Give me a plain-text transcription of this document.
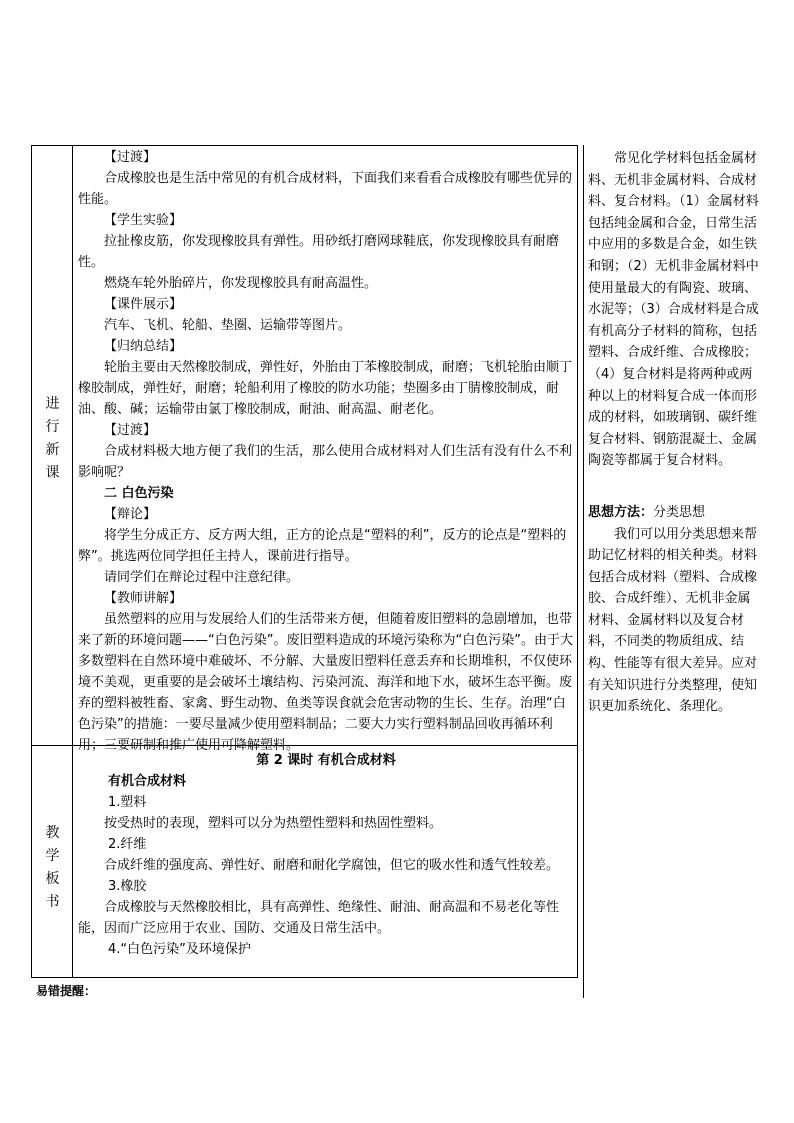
进
行
新
课
教
学
板
书

【过渡】

合成橡胶也是生活中常见的有机合成材料，下面我们来看看合成橡胶有哪些优异的性能。

【学生实验】

拉扯橡皮筋，你发现橡胶具有弹性。用砂纸打磨网球鞋底，你发现橡胶具有耐磨性。

燃烧车轮外胎碎片，你发现橡胶具有耐高温性。

【课件展示】

汽车、飞机、轮船、垫圈、运输带等图片。

【归纳总结】

轮胎主要由天然橡胶制成，弹性好，外胎由丁苯橡胶制成，耐磨；飞机轮胎由顺丁橡胶制成，弹性好，耐磨；轮船利用了橡胶的防水功能；垫圈多由丁腈橡胶制成，耐油、酸、碱；运输带由氯丁橡胶制成，耐油、耐高温、耐老化。

【过渡】

合成材料极大地方便了我们的生活，那么使用合成材料对人们生活有没有什么不利影响呢？

二 白色污染

【辩论】

将学生分成正方、反方两大组，正方的论点是“塑料的利”，反方的论点是“塑料的弊”。挑选两位同学担任主持人，课前进行指导。

请同学们在辩论过程中注意纪律。

【教师讲解】

虽然塑料的应用与发展给人们的生活带来方便，但随着废旧塑料的急剧增加，也带来了新的环境问题——“白色污染”。废旧塑料造成的环境污染称为“白色污染”。由于大多数塑料在自然环境中难破坏、不分解、大量废旧塑料任意丢弃和长期堆积，不仅使环境不美观，更重要的是会破坏土壤结构、污染河流、海洋和地下水，破坏生态平衡。废弃的塑料被牲畜、家禽、野生动物、鱼类等误食就会危害动物的生长、生存。治理“白色污染”的措施：一要尽量减少使用塑料制品；二要大力实行塑料制品回收再循环利用；三要研制和推广使用可降解塑料。

第 2 课时 有机合成材料

有机合成材料

1.塑料

按受热时的表现，塑料可以分为热塑性塑料和热固性塑料。

2.纤维

合成纤维的强度高、弹性好、耐磨和耐化学腐蚀，但它的吸水性和透气性较差。

3.橡胶

合成橡胶与天然橡胶相比，具有高弹性、绝缘性、耐油、耐高温和不易老化等性能，因而广泛应用于农业、国防、交通及日常生活中。

4.“白色污染”及环境保护

常见化学材料包括金属材料、无机非金属材料、合成材料、复合材料。（1）金属材料包括纯金属和合金，日常生活中应用的多数是合金，如生铁和钢；（2）无机非金属材料中使用量最大的有陶瓷、玻璃、水泥等；（3）合成材料是合成有机高分子材料的简称，包括塑料、合成纤维、合成橡胶；（4）复合材料是将两种或两种以上的材料复合成一体而形成的材料，如玻璃钢、碳纤维复合材料、钢筋混凝土、金属陶瓷等都属于复合材料。

思想方法：分类思想

我们可以用分类思想来帮助记忆材料的相关种类。材料包括合成材料（塑料、合成橡胶、合成纤维）、无机非金属材料、金属材料以及复合材料，不同类的物质组成、结构、性能等有很大差异。应对有关知识进行分类整理，使知识更加系统化、条理化。

易错提醒：
